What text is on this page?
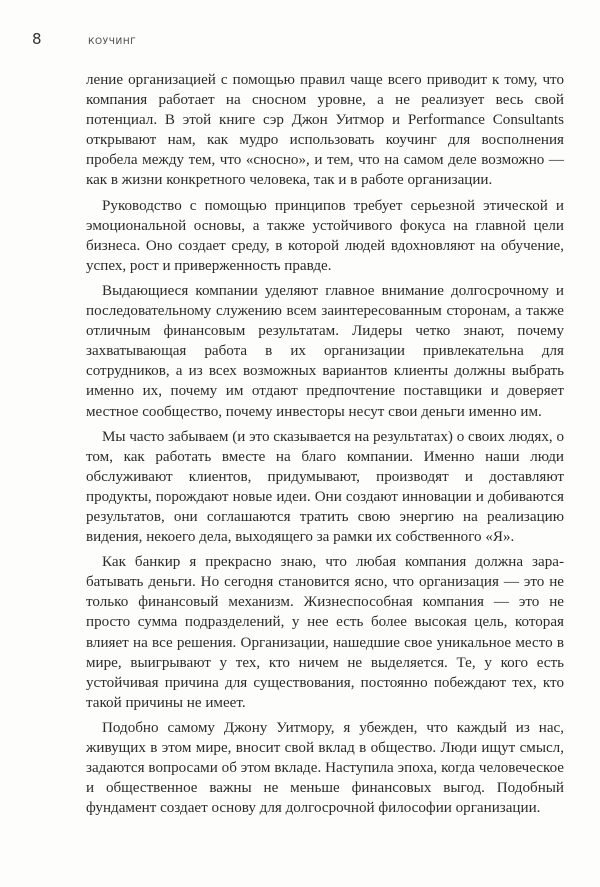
8	КОУЧИНГ

ление организацией с помощью правил чаще всего приводит к тому, что компания работает на сносном уровне, а не реализует весь свой потенциал. В этой книге сэр Джон Уитмор и Performance Consultants открывают нам, как мудро использовать коучинг для восполнения пробела между тем, что «сносно», и тем, что на самом деле возможно — как в жизни конкретного человека, так и в работе организации.

Руководство с помощью принципов требует серьезной этической и эмоциональной основы, а также устойчивого фокуса на главной цели бизнеса. Оно создает среду, в которой людей вдохновляют на обучение, успех, рост и приверженность правде.

Выдающиеся компании уделяют главное внимание долгосрочному и последовательному служению всем заинтересованным сторонам, а также отличным финансовым результатам. Лидеры четко знают, почему захватывающая работа в их организации привлекательна для сотрудников, а из всех возможных вариантов клиенты должны выбрать именно их, почему им отдают предпочтение поставщики и доверяет местное сообщество, почему инвесторы несут свои деньги именно им.

Мы часто забываем (и это сказывается на результатах) о своих людях, о том, как работать вместе на благо компании. Именно наши люди обслуживают клиентов, придумывают, производят и доставляют продукты, порождают новые идеи. Они создают инновации и добиваются результатов, они соглашаются тратить свою энергию на реализацию видения, некоего дела, выходящего за рамки их собственного «Я».

Как банкир я прекрасно знаю, что любая компания должна зарабатывать деньги. Но сегодня становится ясно, что организация — это не только финансовый механизм. Жизнеспособная компания — это не просто сумма подразделений, у нее есть более высокая цель, которая влияет на все решения. Организации, нашедшие свое уникальное место в мире, выигрывают у тех, кто ничем не выделяется. Те, у кого есть устойчивая причина для существования, постоянно побеждают тех, кто такой причины не имеет.

Подобно самому Джону Уитмору, я убежден, что каждый из нас, живущих в этом мире, вносит свой вклад в общество. Люди ищут смысл, задаются вопросами об этом вкладе. Наступила эпоха, когда человеческое и общественное важны не меньше финансовых выгод. Подобный фундамент создает основу для долгосрочной философии организации.
